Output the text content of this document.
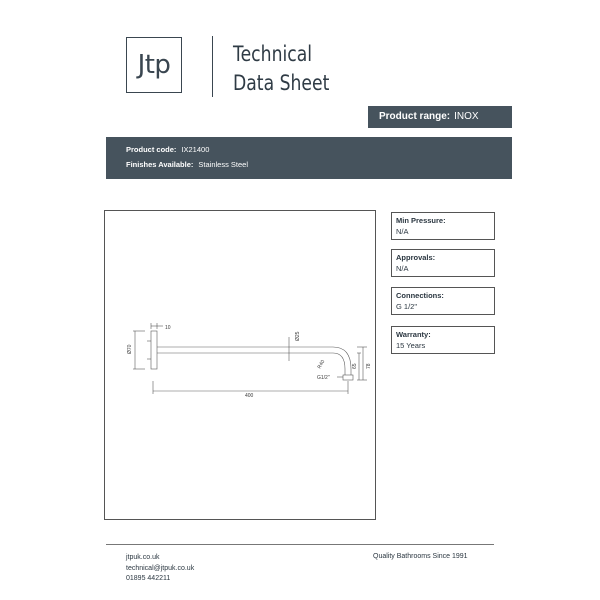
Jtp	Technical
Data Sheet
Product range: INOX
Product code: IX21400
Finishes Available: Stainless Steel
10
Ø70
Ø25
R40	65 78
G1/2"
400
Min Pressure:
N/A
Approvals:
N/A
Connections:
G 1/2"
Warranty:
15 Years
jtpuk.co.uk
technical@jtpuk.co.uk
01895 442211
Quality Bathrooms Since 1991
